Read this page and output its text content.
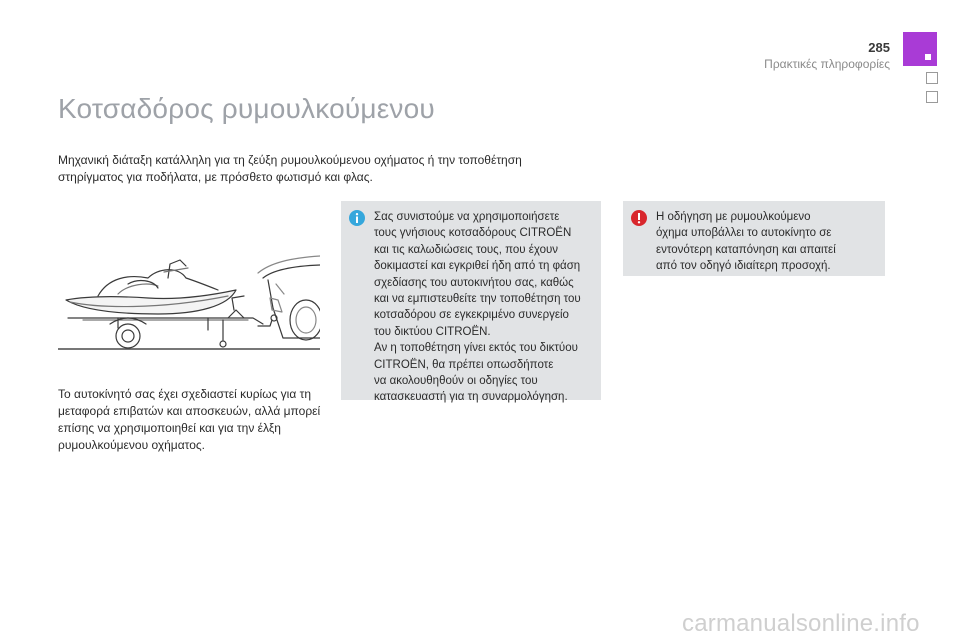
285
Πρακτικές πληροφορίες
Κοτσαδόρος ρυμουλκούμενου

Μηχανική διάταξη κατάλληλη για τη ζεύξη ρυμουλκούμενου οχήματος ή την τοποθέτηση στηρίγματος για ποδήλατα, με πρόσθετο φωτισμό και φλας.

Το αυτοκίνητό σας έχει σχεδιαστεί κυρίως για τη μεταφορά επιβατών και αποσκευών, αλλά μπορεί επίσης να χρησιμοποιηθεί και για την έλξη ρυμουλκούμενου οχήματος.

Σας συνιστούμε να χρησιμοποιήσετε
τους γνήσιους κοτσαδόρους CITROËN
και τις καλωδιώσεις τους, που έχουν
δοκιμαστεί και εγκριθεί ήδη από τη φάση
σχεδίασης του αυτοκινήτου σας, καθώς
και να εμπιστευθείτε την τοποθέτηση του
κοτσαδόρου σε εγκεκριμένο συνεργείο
του δικτύου CITROËN.
Αν η τοποθέτηση γίνει εκτός του δικτύου
CITROËN, θα πρέπει οπωσδήποτε
να ακολουθηθούν οι οδηγίες του
κατασκευαστή για τη συναρμολόγηση.
Η οδήγηση με ρυμουλκούμενο
όχημα υποβάλλει το αυτοκίνητο σε
εντονότερη καταπόνηση και απαιτεί
από τον οδηγό ιδιαίτερη προσοχή.
carmanualsonline.info
